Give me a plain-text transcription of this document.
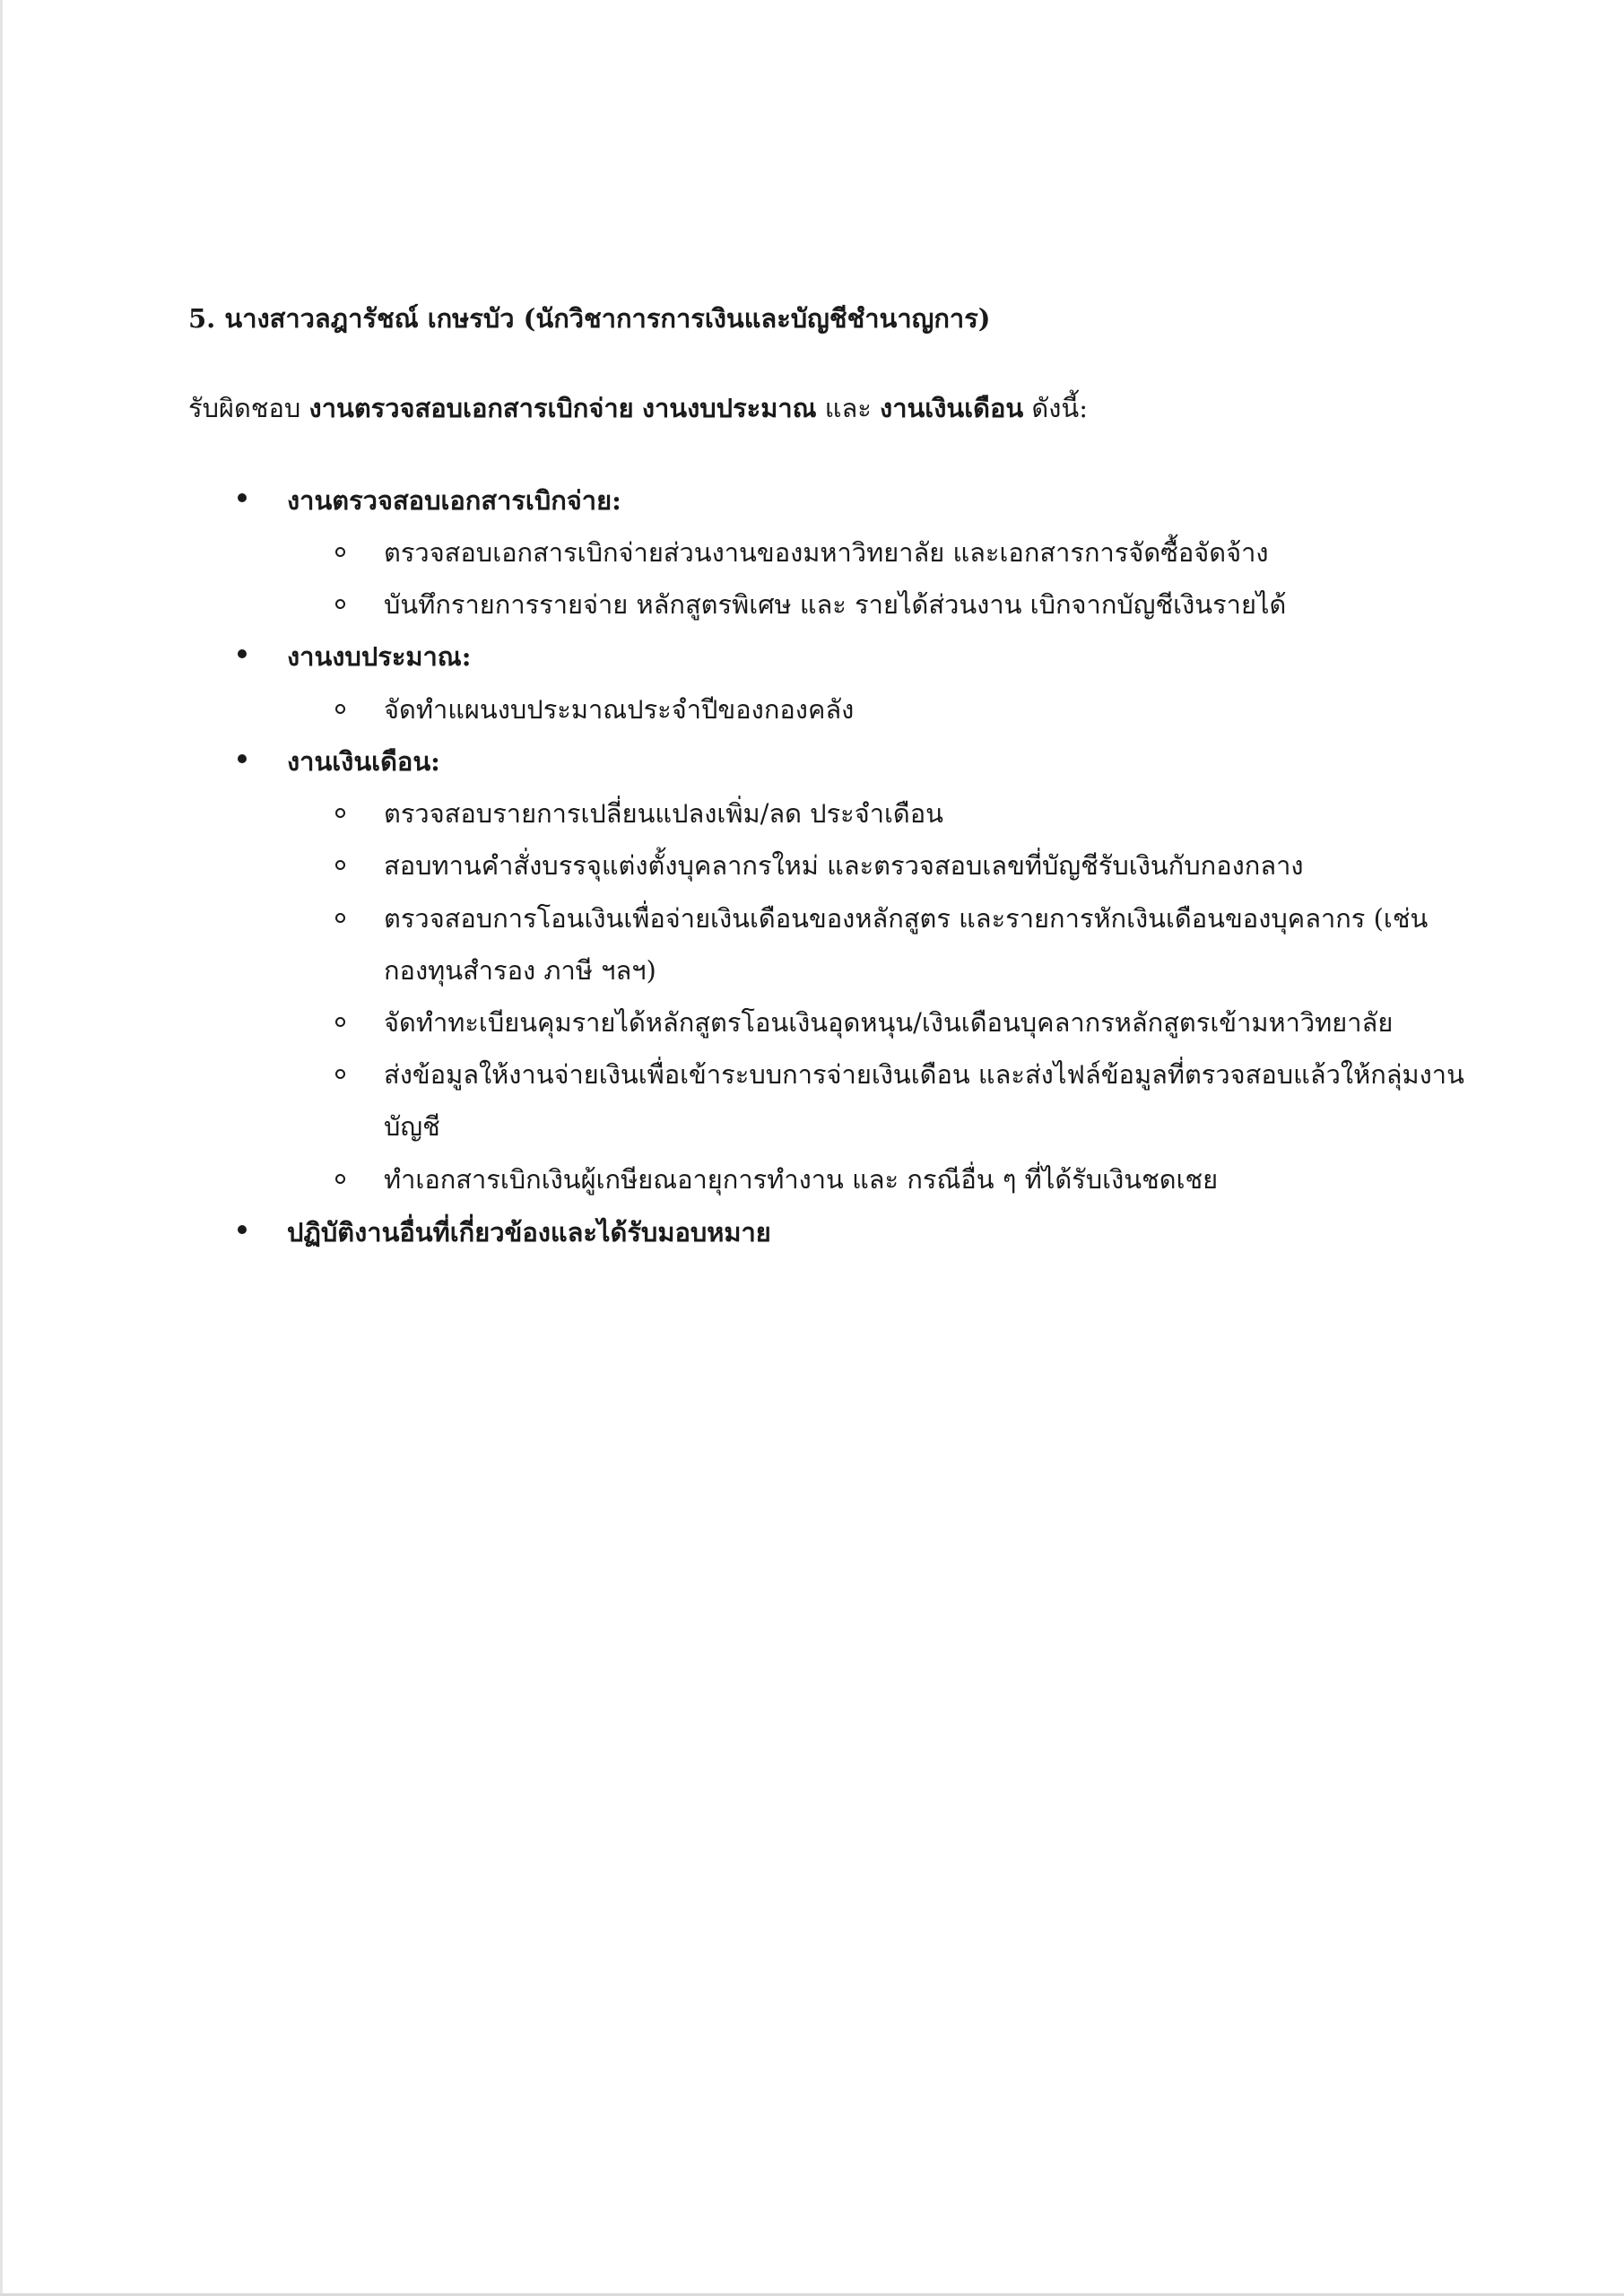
5. นางสาวลฎารัชณ์ เกษรบัว (นักวิชาการการเงินและบัญชีชำนาญการ)
รับผิดชอบ งานตรวจสอบเอกสารเบิกจ่าย งานงบประมาณ และ งานเงินเดือน ดังนี้:
งานตรวจสอบเอกสารเบิกจ่าย:
ตรวจสอบเอกสารเบิกจ่ายส่วนงานของมหาวิทยาลัย และเอกสารการจัดซื้อจัดจ้าง
บันทึกรายการรายจ่าย หลักสูตรพิเศษ และ รายได้ส่วนงาน เบิกจากบัญชีเงินรายได้
งานงบประมาณ:
จัดทำแผนงบประมาณประจำปีของกองคลัง
งานเงินเดือน:
ตรวจสอบรายการเปลี่ยนแปลงเพิ่ม/ลด ประจำเดือน
สอบทานคำสั่งบรรจุแต่งตั้งบุคลากรใหม่ และตรวจสอบเลขที่บัญชีรับเงินกับกองกลาง
ตรวจสอบการโอนเงินเพื่อจ่ายเงินเดือนของหลักสูตร และรายการหักเงินเดือนของบุคลากร (เช่น
กองทุนสำรอง ภาษี ฯลฯ)
จัดทำทะเบียนคุมรายได้หลักสูตรโอนเงินอุดหนุน/เงินเดือนบุคลากรหลักสูตรเข้ามหาวิทยาลัย
ส่งข้อมูลให้งานจ่ายเงินเพื่อเข้าระบบการจ่ายเงินเดือน และส่งไฟล์ข้อมูลที่ตรวจสอบแล้วให้กลุ่มงาน
บัญชี
ทำเอกสารเบิกเงินผู้เกษียณอายุการทำงาน และ กรณีอื่น ๆ ที่ได้รับเงินชดเชย
ปฏิบัติงานอื่นที่เกี่ยวข้องและได้รับมอบหมาย
